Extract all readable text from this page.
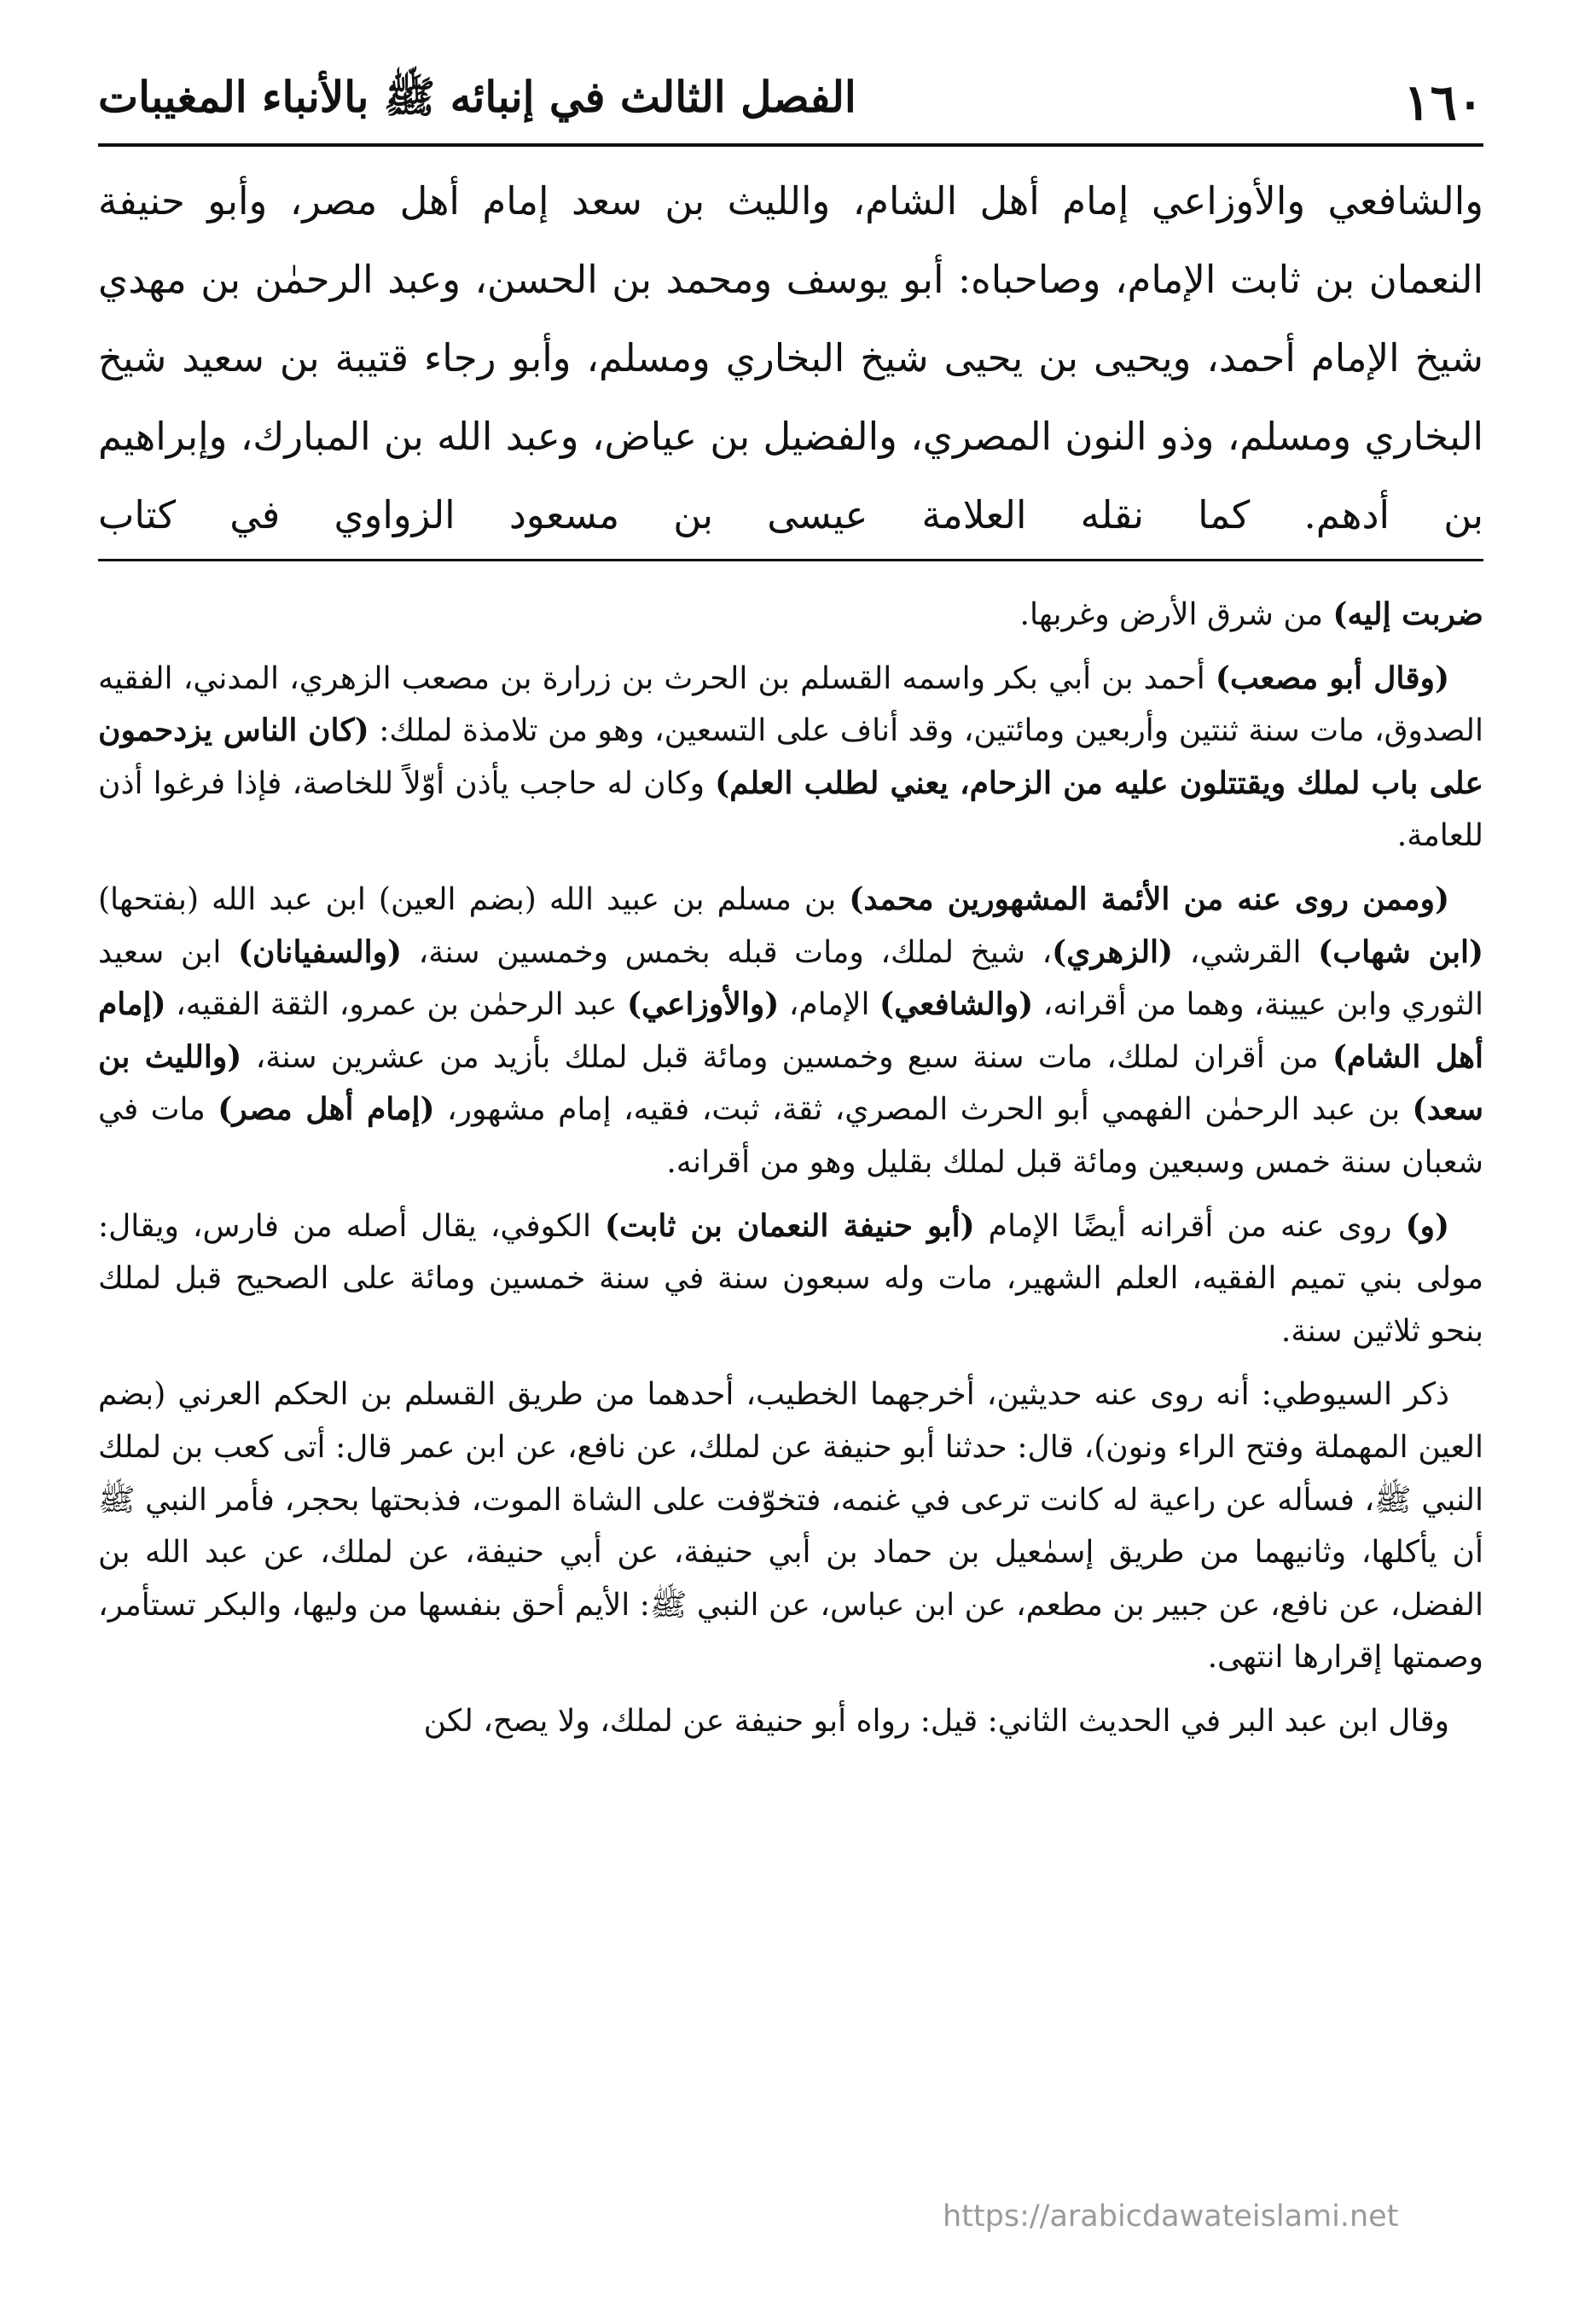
١٦٠
الفصل الثالث في إنبائه ﷺ بالأنباء المغيبات
والشافعي والأوزاعي إمام أهل الشام، والليث بن سعد إمام أهل مصر، وأبو حنيفة النعمان بن ثابت الإمام، وصاحباه: أبو يوسف ومحمد بن الحسن، وعبد الرحمٰن بن مهدي شيخ الإمام أحمد، ويحيى بن يحيى شيخ البخاري ومسلم، وأبو رجاء قتيبة بن سعيد شيخ البخاري ومسلم، وذو النون المصري، والفضيل بن عياض، وعبد الله بن المبارك، وإبراهيم بن أدهم. كما نقله العلامة عيسى بن مسعود الزواوي في كتاب

ضربت إليه) من شرق الأرض وغربها.

(وقال أبو مصعب) أحمد بن أبي بكر واسمه القسلم بن الحرث بن زرارة بن مصعب الزهري، المدني، الفقيه الصدوق، مات سنة ثنتين وأربعين ومائتين، وقد أناف على التسعين، وهو من تلامذة لملك: (كان الناس يزدحمون على باب لملك ويقتتلون عليه من الزحام، يعني لطلب العلم) وكان له حاجب يأذن أوّلاً للخاصة، فإذا فرغوا أذن للعامة.

(وممن روى عنه من الأئمة المشهورين محمد) بن مسلم بن عبيد الله (بضم العين) ابن عبد الله (بفتحها) (ابن شهاب) القرشي، (الزهري)، شيخ لملك، ومات قبله بخمس وخمسين سنة، (والسفيانان) ابن سعيد الثوري وابن عيينة، وهما من أقرانه، (والشافعي) الإمام، (والأوزاعي) عبد الرحمٰن بن عمرو، الثقة الفقيه، (إمام أهل الشام) من أقران لملك، مات سنة سبع وخمسين ومائة قبل لملك بأزيد من عشرين سنة، (والليث بن سعد) بن عبد الرحمٰن الفهمي أبو الحرث المصري، ثقة، ثبت، فقيه، إمام مشهور، (إمام أهل مصر) مات في شعبان سنة خمس وسبعين ومائة قبل لملك بقليل وهو من أقرانه.

(و) روى عنه من أقرانه أيضًا الإمام (أبو حنيفة النعمان بن ثابت) الكوفي، يقال أصله من فارس، ويقال: مولى بني تميم الفقيه، العلم الشهير، مات وله سبعون سنة في سنة خمسين ومائة على الصحيح قبل لملك بنحو ثلاثين سنة.

ذكر السيوطي: أنه روى عنه حديثين، أخرجهما الخطيب، أحدهما من طريق القسلم بن الحكم العرني (بضم العين المهملة وفتح الراء ونون)، قال: حدثنا أبو حنيفة عن لملك، عن نافع، عن ابن عمر قال: أتى كعب بن لملك النبي ﷺ، فسأله عن راعية له كانت ترعى في غنمه، فتخوّفت على الشاة الموت، فذبحتها بحجر، فأمر النبي ﷺ أن يأكلها، وثانيهما من طريق إسمٰعيل بن حماد بن أبي حنيفة، عن أبي حنيفة، عن لملك، عن عبد الله بن الفضل، عن نافع، عن جبير بن مطعم، عن ابن عباس، عن النبي ﷺ: الأيم أحق بنفسها من وليها، والبكر تستأمر، وصمتها إقرارها انتهى.

وقال ابن عبد البر في الحديث الثاني: قيل: رواه أبو حنيفة عن لملك، ولا يصح، لكن

https://arabicdawateislami.net
